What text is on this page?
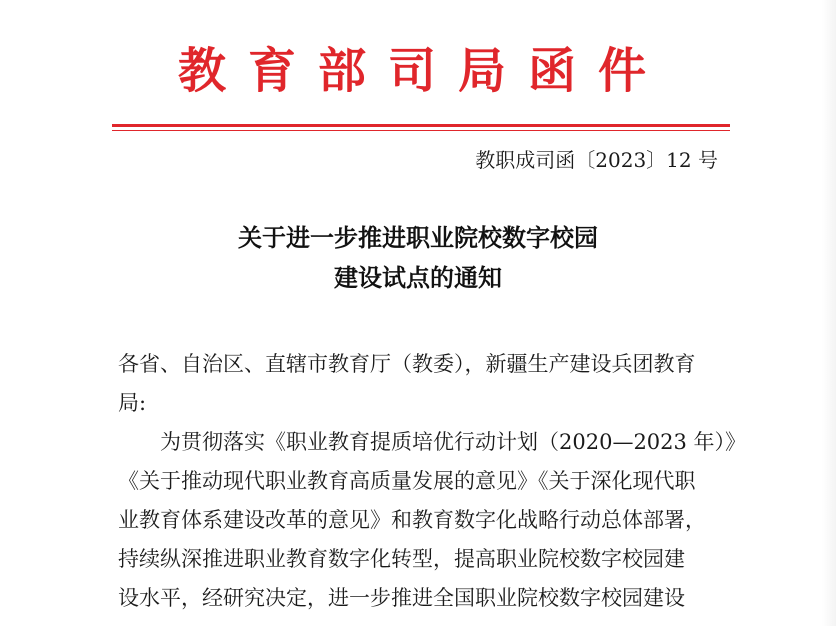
教育部司局函件
教职成司函〔2023〕12 号
关于进一步推进职业院校数字校园
建设试点的通知
各省、自治区、直辖市教育厅（教委），新疆生产建设兵团教育
局:
为贯彻落实《职业教育提质培优行动计划（2020—2023 年）》
《关于推动现代职业教育高质量发展的意见》《关于深化现代职
业教育体系建设改革的意见》和教育数字化战略行动总体部署，
持续纵深推进职业教育数字化转型，提高职业院校数字校园建
设水平，经研究决定，进一步推进全国职业院校数字校园建设
